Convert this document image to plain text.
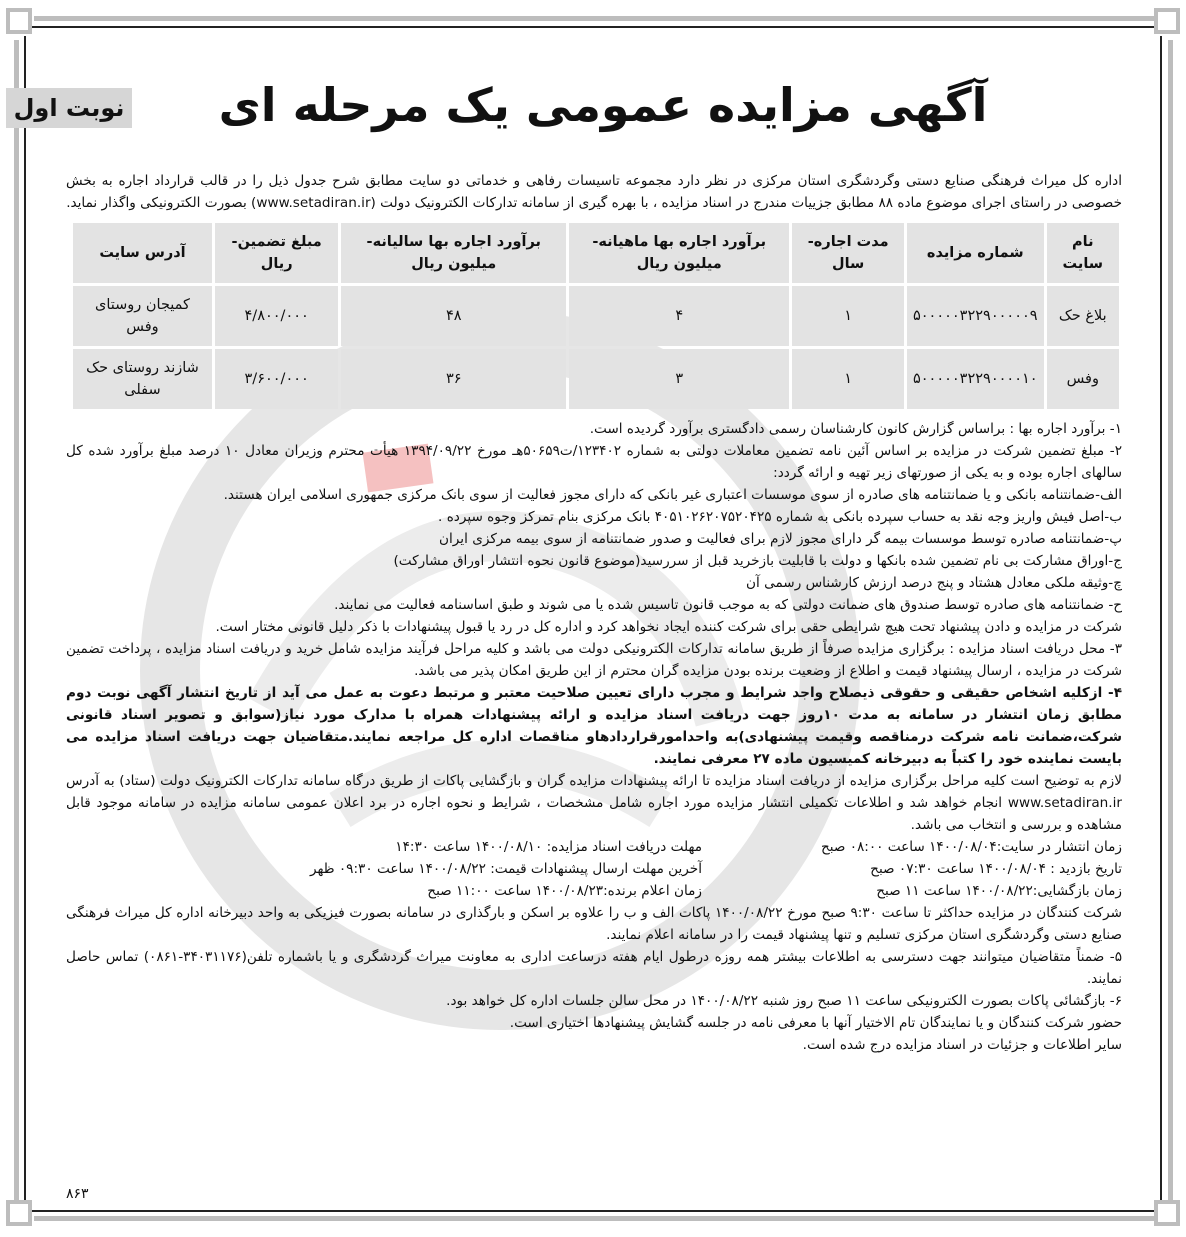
نوبت اول	آگهی مزایده عمومی یک مرحله ای

اداره کل میراث فرهنگی صنایع دستی وگردشگری استان مرکزی در نظر دارد مجموعه تاسیسات رفاهی و خدماتی دو سایت مطابق شرح جدول ذیل را در قالب قرارداد اجاره به بخش خصوصی در راستای اجرای موضوع ماده ۸۸ مطابق جزییات مندرج در اسناد مزایده ، با بهره گیری از سامانه تدارکات الکترونیک دولت (www.setadiran.ir) بصورت الکترونیکی واگذار نماید.

نام سایت	شماره مزایده	مدت اجاره- سال	برآورد اجاره بها ماهیانه-میلیون ریال	برآورد اجاره بها سالیانه- میلیون ریال	مبلغ تضمین- ریال	آدرس سایت
بلاغ حک	۵۰۰۰۰۰۳۲۲۹۰۰۰۰۰۹	۱	۴	۴۸	۴/۸۰۰/۰۰۰	کمیجان روستای وفس
وفس	۵۰۰۰۰۰۳۲۲۹۰۰۰۰۱۰	۱	۳	۳۶	۳/۶۰۰/۰۰۰	شازند روستای حک سفلی

۱- برآورد اجاره بها : براساس گزارش کانون کارشناسان رسمی دادگستری برآورد گردیده است.

۲- مبلغ تضمین شرکت در مزایده بر اساس آئین نامه تضمین معاملات دولتی به شماره ۱۲۳۴۰۲/ت۵۰۶۵۹هـ مورخ ۱۳۹۴/۰۹/۲۲ هیأت محترم وزیران معادل ۱۰ درصد مبلغ برآورد شده کل سالهای اجاره بوده و به یکی از صورتهای زیر تهیه و ارائه گردد:

الف-ضمانتنامه بانکی و یا ضمانتنامه های صادره از سوی موسسات اعتباری غیر بانکی که دارای مجوز فعالیت از سوی بانک مرکزی جمهوری اسلامی ایران هستند.

ب-اصل فیش واریز وجه نقد به حساب سپرده بانکی به شماره ۴۰۵۱۰۲۶۲۰۷۵۲۰۴۲۵ بانک مرکزی بنام تمرکز وجوه سپرده .

پ-ضمانتنامه صادره توسط موسسات بیمه گر دارای مجوز لازم برای فعالیت و صدور ضمانتنامه از سوی بیمه مرکزی ایران

ج-اوراق مشارکت بی نام تضمین شده بانکها و دولت با قابلیت بازخرید قبل از سررسید(موضوع قانون نحوه انتشار اوراق مشارکت)

چ-وثیقه ملکی معادل هشتاد و پنج درصد ارزش کارشناس رسمی آن

ح- ضمانتنامه های صادره توسط صندوق های ضمانت دولتی که به موجب قانون تاسیس شده یا می شوند و طبق اساسنامه فعالیت می نمایند.

شرکت در مزایده و دادن پیشنهاد تحت هیچ شرایطی حقی برای شرکت کننده ایجاد نخواهد کرد و اداره کل در رد یا قبول پیشنهادات با ذکر دلیل قانونی مختار است.

۳- محل دریافت اسناد مزایده : برگزاری مزایده صرفاً از طریق سامانه تدارکات الکترونیکی دولت می باشد و کلیه مراحل فرآیند مزایده شامل خرید و دریافت اسناد مزایده ، پرداخت تضمین شرکت در مزایده ، ارسال پیشنهاد قیمت و اطلاع از وضعیت برنده بودن مزایده گران محترم از این طریق امکان پذیر می باشد.

۴- ازکلیه اشخاص حقیقی و حقوقی ذیصلاح واجد شرایط و مجرب دارای تعیین صلاحیت معتبر و مرتبط دعوت به عمل می آید از تاریخ انتشار آگهی نوبت دوم مطابق زمان انتشار در سامانه به مدت ۱۰روز جهت دریافت اسناد مزایده و ارائه پیشنهادات همراه با مدارک مورد نیاز(سوابق و تصویر اسناد قانونی شرکت،ضمانت نامه شرکت درمناقصه وقیمت پیشنهادی)به واحدامورقراردادهاو مناقصات اداره کل مراجعه نمایند.متقاضیان جهت دریافت اسناد مزایده می بایست نماینده خود را کتباً به دبیرخانه کمیسیون ماده ۲۷ معرفی نمایند.

لازم به توضیح است کلیه مراحل برگزاری مزایده از دریافت اسناد مزایده تا ارائه پیشنهادات مزایده گران و بازگشایی پاکات از طریق درگاه سامانه تدارکات الکترونیک دولت (ستاد) به آدرس www.setadiran.ir انجام خواهد شد و اطلاعات تکمیلی انتشار مزایده مورد اجاره شامل مشخصات ، شرایط و نحوه اجاره در برد اعلان عمومی سامانه مزایده در سامانه موجود قابل مشاهده و بررسی و انتخاب می باشد.

زمان انتشار در سایت:۱۴۰۰/۰۸/۰۴ ساعت ۰۸:۰۰ صبح
تاریخ بازدید : ۱۴۰۰/۰۸/۰۴ ساعت ۰۷:۳۰ صبح
زمان بازگشایی:۱۴۰۰/۰۸/۲۲ ساعت ۱۱ صبح
مهلت دریافت اسناد مزایده: ۱۴۰۰/۰۸/۱۰ ساعت ۱۴:۳۰
آخرین مهلت ارسال پیشنهادات قیمت: ۱۴۰۰/۰۸/۲۲ ساعت ۰۹:۳۰ ظهر
زمان اعلام برنده:۱۴۰۰/۰۸/۲۳ ساعت ۱۱:۰۰ صبح

شرکت کنندگان در مزایده حداکثر تا ساعت ۹:۳۰ صبح مورخ ۱۴۰۰/۰۸/۲۲ پاکات الف و ب را علاوه بر اسکن و بارگذاری در سامانه بصورت فیزیکی به واحد دبیرخانه اداره کل میراث فرهنگی صنایع دستی وگردشگری استان مرکزی تسلیم و تنها پیشنهاد قیمت را در سامانه اعلام نمایند.

۵- ضمناً متقاضیان میتوانند جهت دسترسی به اطلاعات بیشتر همه روزه درطول ایام هفته درساعت اداری به معاونت میراث گردشگری و یا باشماره تلفن(۳۴۰۳۱۱۷۶-۰۸۶۱) تماس حاصل نمایند.

۶- بازگشائی پاکات بصورت الکترونیکی ساعت ۱۱ صبح روز شنبه ۱۴۰۰/۰۸/۲۲ در محل سالن جلسات اداره کل خواهد بود.

حضور شرکت کنندگان و یا نمایندگان تام الاختیار آنها با معرفی نامه در جلسه گشایش پیشنهادها اختیاری است.

سایر اطلاعات و جزئیات در اسناد مزایده درج شده است.

۸۶۳
